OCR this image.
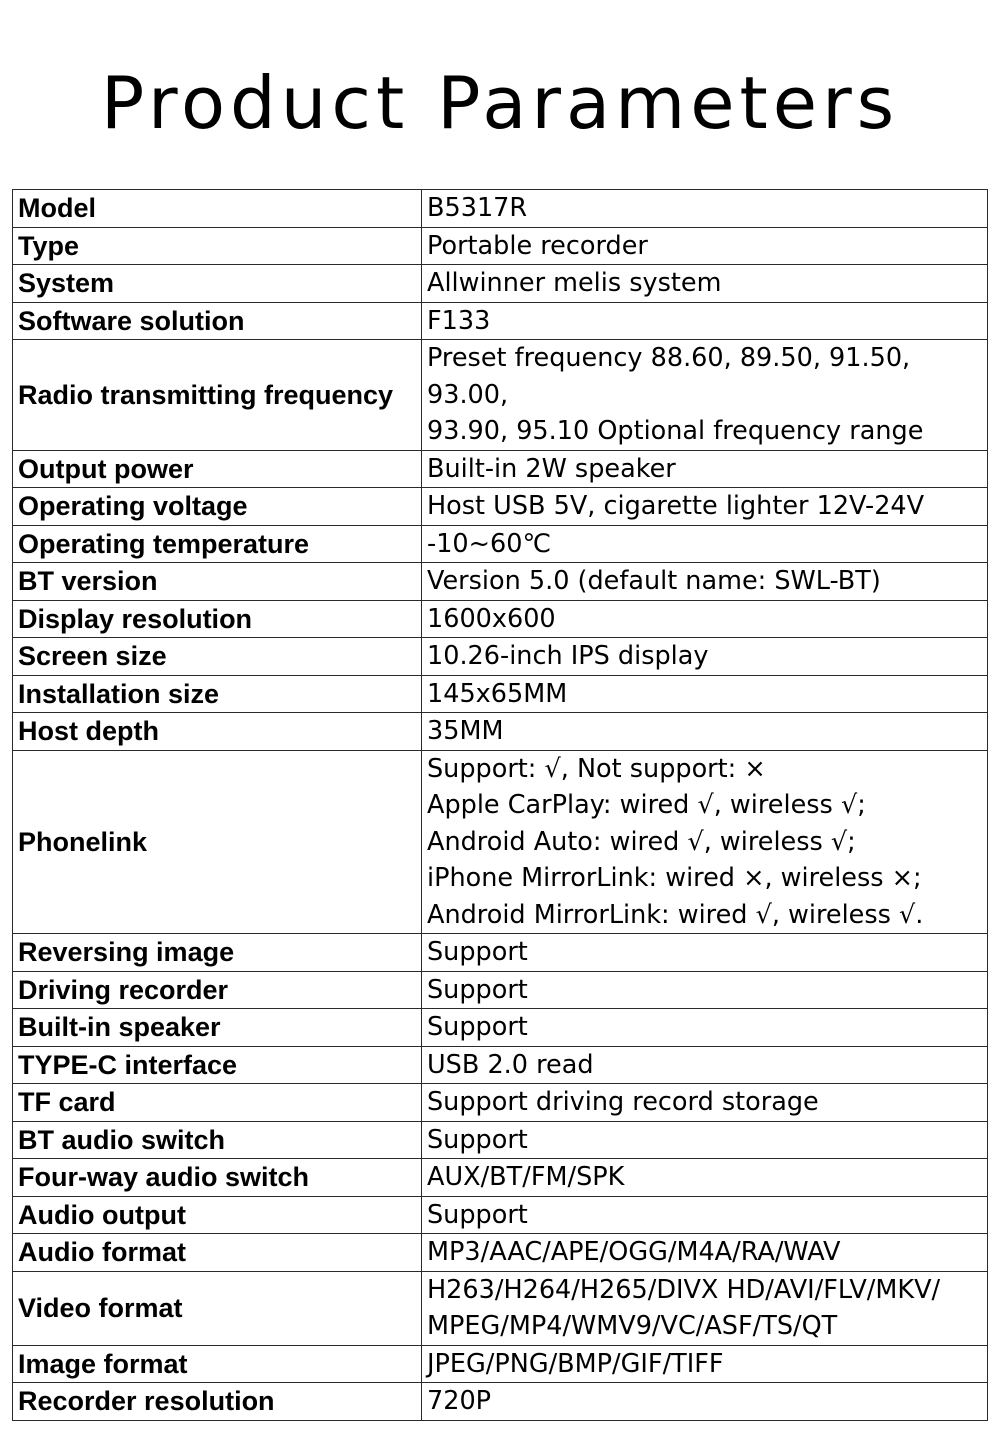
Product Parameters
Model	B5317R

Type	Portable recorder

System	Allwinner melis system

Software solution	F133

Radio transmitting frequency	Preset frequency 88.60, 89.50, 91.50, 93.00,
93.90, 95.10 Optional frequency range

Output power	Built-in 2W speaker

Operating voltage	Host USB 5V, cigarette lighter 12V-24V

Operating temperature	-10~60℃

BT version	Version 5.0 (default name: SWL-BT)

Display resolution	1600x600

Screen size	10.26-inch IPS display

Installation size	145x65MM

Host depth	35MM

Phonelink	Support: √, Not support: ×
Apple CarPlay: wired √, wireless √;
Android Auto: wired √, wireless √;
iPhone MirrorLink: wired ×, wireless ×;
Android MirrorLink: wired √, wireless √.

Reversing image	Support

Driving recorder	Support

Built-in speaker	Support

TYPE-C interface	USB 2.0 read

TF card	Support driving record storage

BT audio switch	Support

Four-way audio switch	AUX/BT/FM/SPK

Audio output	Support

Audio format	MP3/AAC/APE/OGG/M4A/RA/WAV

Video format	H263/H264/H265/DIVX HD/AVI/FLV/MKV/
MPEG/MP4/WMV9/VC/ASF/TS/QT

Image format	JPEG/PNG/BMP/GIF/TIFF

Recorder resolution	720P
